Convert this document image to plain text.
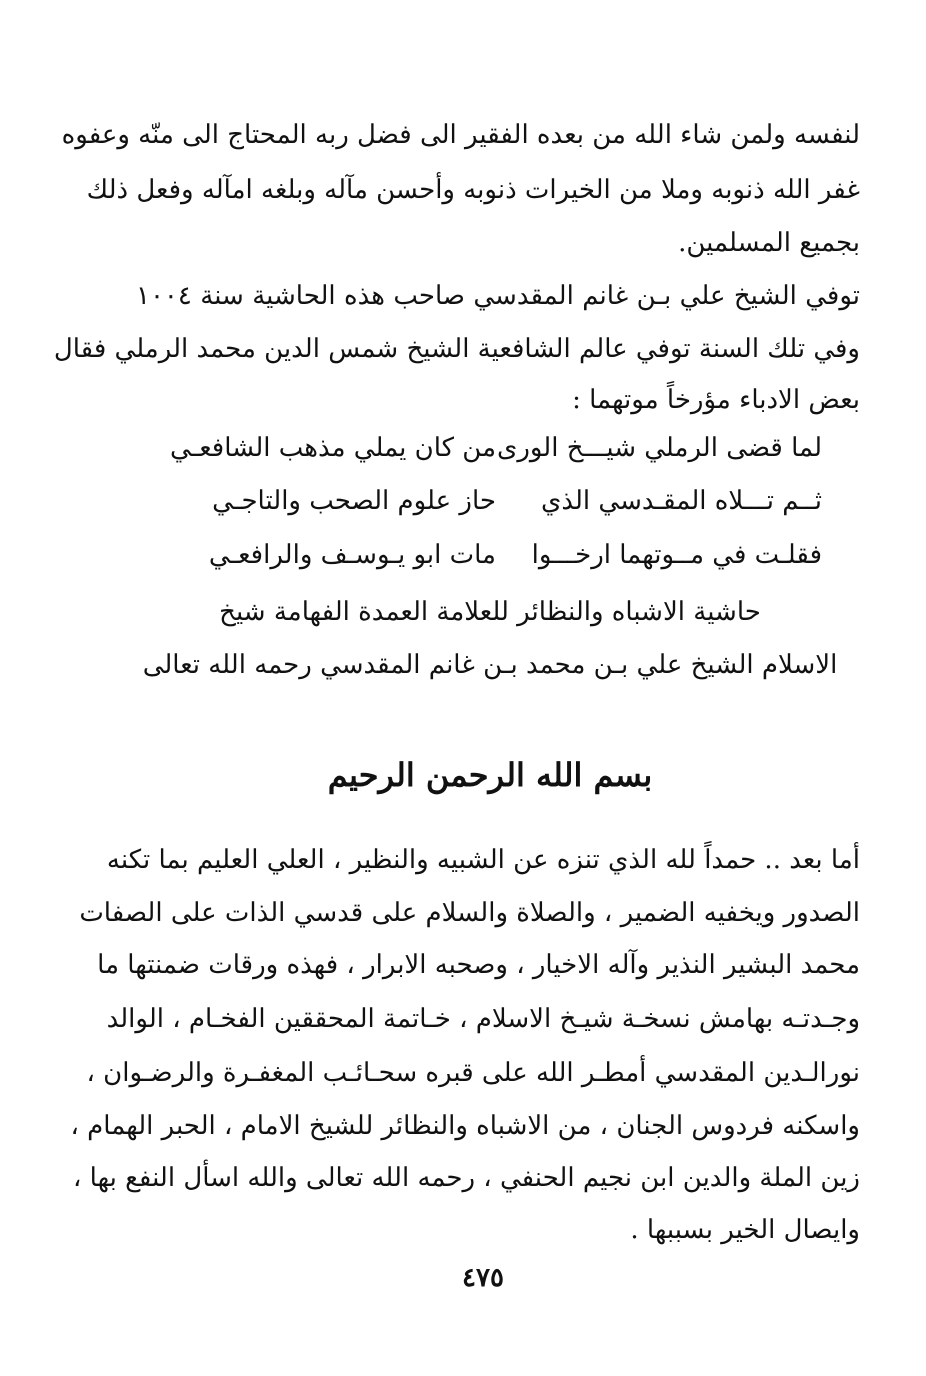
لنفسه ولمن شاء الله من بعده الفقير الى فضل ربه المحتاج الى منّه وعفوه
غفر الله ذنوبه وملا من الخيرات ذنوبه وأحسن مآله وبلغه امآله وفعل ذلك
بجميع المسلمين.
توفي الشيخ علي بـن غانم المقدسي صاحب هذه الحاشية سنة ١٠٠٤
وفي تلك السنة توفي عالم الشافعية الشيخ شمس الدين محمد الرملي فقال
بعض الادباء مؤرخاً موتهما :
لما قضى الرملي شيـــخ الورى
من كان يملي مذهب الشافعـي
ثــم تـــلاه المقـدسي الذي
حاز علوم الصحب والتاجـي
فقلـت في مــوتهما ارخـــوا
مات ابو يـوسـف والرافعـي
حاشية الاشباه والنظائر للعلامة العمدة الفهامة شيخ
الاسلام الشيخ علي بـن محمد بـن غانم المقدسي رحمه الله تعالى
بسم الله الرحمن الرحيم
أما بعد .. حمداً لله الذي تنزه عن الشبيه والنظير ، العلي العليم بما تكنه
الصدور ويخفيه الضمير ، والصلاة والسلام على قدسي الذات على الصفات
محمد البشير النذير وآله الاخيار ، وصحبه الابرار ، فهذه ورقات ضمنتها ما
وجـدتـه بهامش نسخـة شيـخ الاسلام ، خـاتمة المحققين الفخـام ، الوالد
نورالـدين المقدسي أمطـر الله على قبره سحـائـب المغفـرة والرضـوان ،
واسكنه فردوس الجنان ، من الاشباه والنظائر للشيخ الامام ، الحبر الهمام ،
زين الملة والدين ابن نجيم الحنفي ، رحمه الله تعالى والله اسأل النفع بها ،
وايصال الخير بسببها .
٤٧٥
